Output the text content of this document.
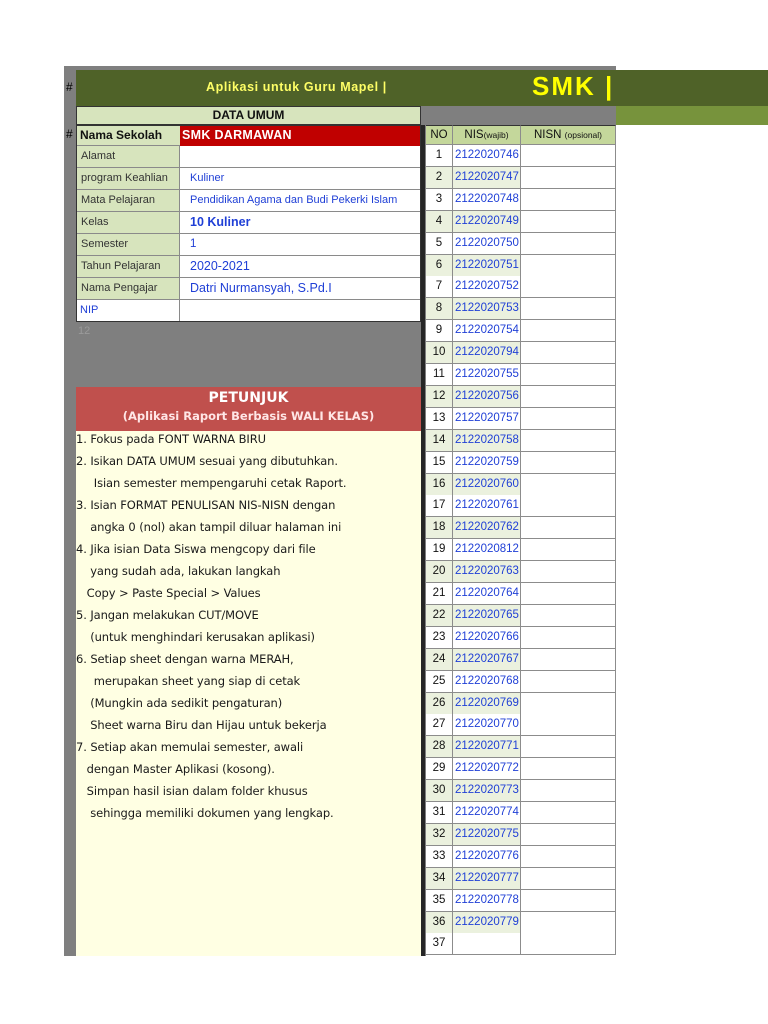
#	Aplikasi untuk Guru Mapel |	SMK |
DATA UMUM
# Nama Sekolah	SMK DARMAWAN
Alamat
program Keahlian	Kuliner
Mata Pelajaran	Pendidikan Agama dan Budi Pekerki Islam
Kelas	10 Kuliner
Semester	1
Tahun Pelajaran	2020-2021
Nama Pengajar	Datri Nurmansyah, S.Pd.I
NIP
12
PETUNJUK
(Aplikasi Raport Berbasis WALI KELAS)
1. Fokus pada FONT WARNA BIRU
2. Isikan DATA UMUM sesuai yang dibutuhkan.
Isian semester mempengaruhi cetak Raport.
3. Isian FORMAT PENULISAN NIS-NISN dengan
angka 0 (nol) akan tampil diluar halaman ini
4. Jika isian Data Siswa mengcopy dari file
yang sudah ada, lakukan langkah
Copy > Paste Special > Values
5. Jangan melakukan CUT/MOVE
(untuk menghindari kerusakan aplikasi)
6. Setiap sheet dengan warna MERAH,
merupakan sheet yang siap di cetak
(Mungkin ada sedikit pengaturan)
Sheet warna Biru dan Hijau untuk bekerja
7. Setiap akan memulai semester, awali
dengan Master Aplikasi (kosong).
Simpan hasil isian dalam folder khusus
sehingga memiliki dokumen yang lengkap.
NO	NIS(wajib)	NISN (opsional)
1	2122020746
2	2122020747
3	2122020748
4	2122020749
5	2122020750
6	2122020751
7	2122020752
8	2122020753
9	2122020754
10 2122020794
11 2122020755
12 2122020756
13 2122020757
14 2122020758
15 2122020759
16 2122020760
17 2122020761
18 2122020762
19 2122020812
20 2122020763
21 2122020764
22 2122020765
23 2122020766
24 2122020767
25 2122020768
26 2122020769
27 2122020770
28 2122020771
29 2122020772
30 2122020773
31 2122020774
32 2122020775
33 2122020776
34 2122020777
35 2122020778
36 2122020779
37
